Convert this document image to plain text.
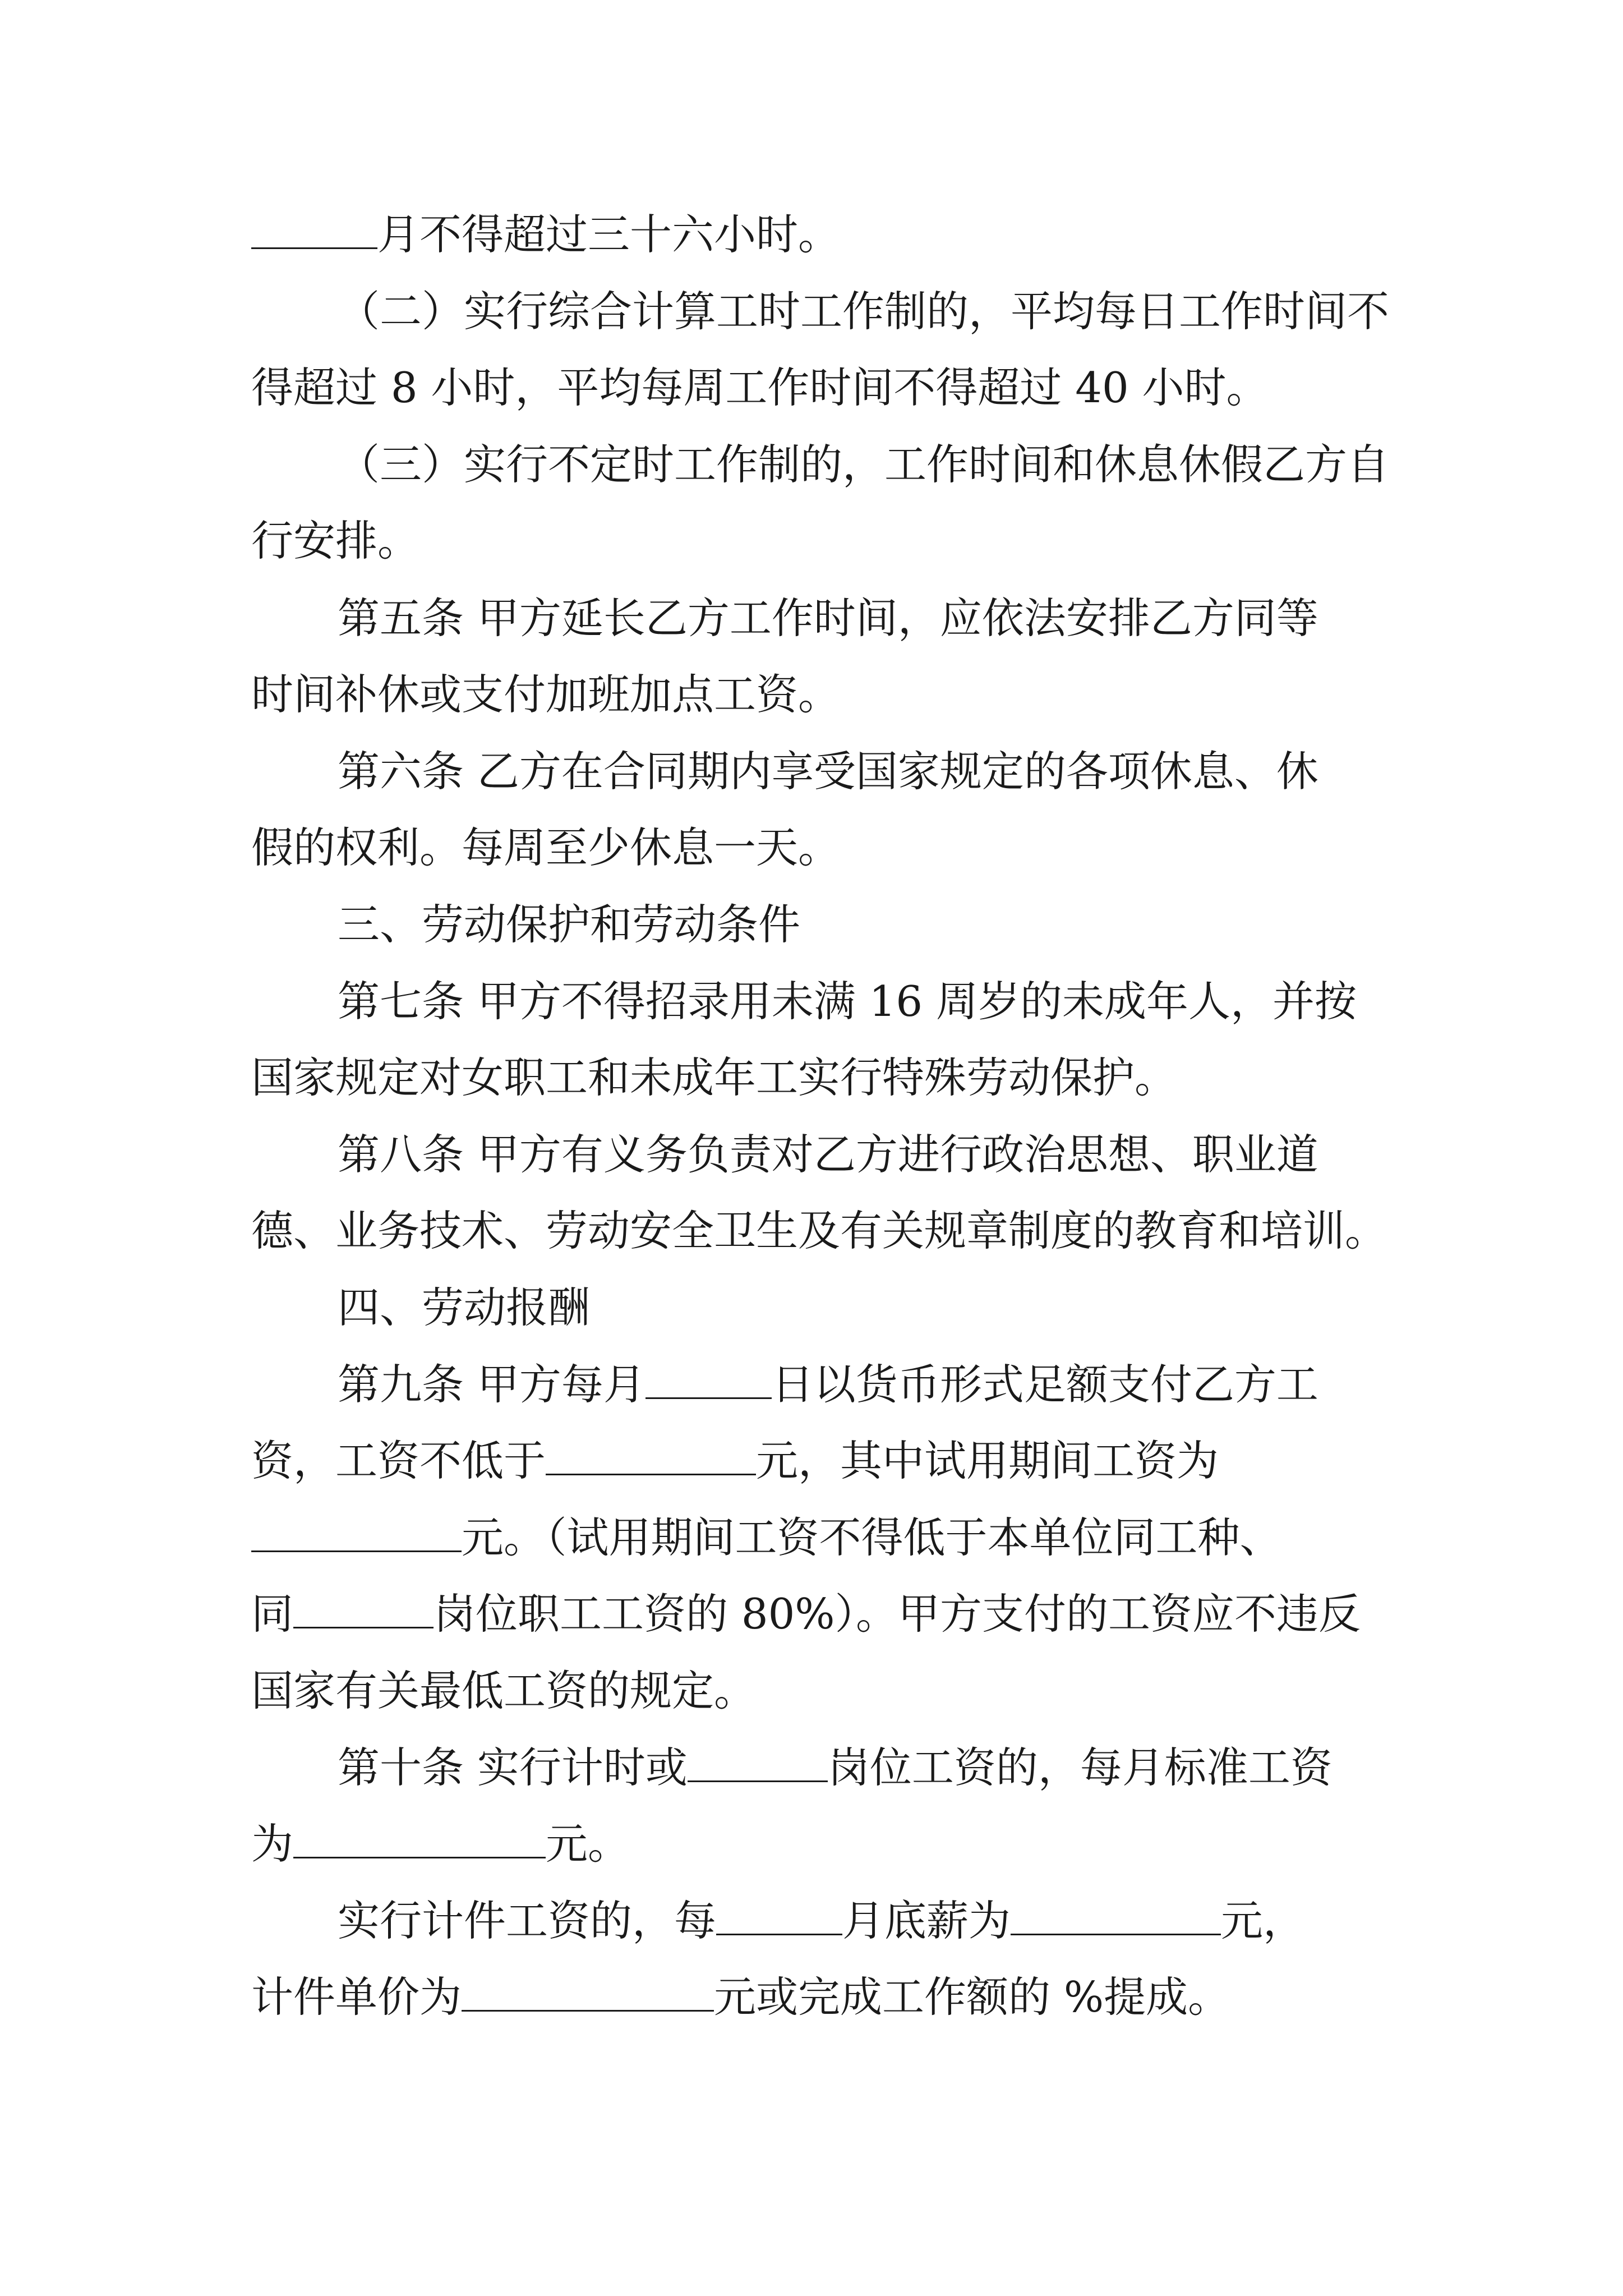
月不得超过三十六小时。
（二）实行综合计算工时工作制的，平均每日工作时间不
得超过 8 小时，平均每周工作时间不得超过 40 小时。
（三）实行不定时工作制的，工作时间和休息休假乙方自
行安排。
第五条 甲方延长乙方工作时间，应依法安排乙方同等
时间补休或支付加班加点工资。
第六条 乙方在合同期内享受国家规定的各项休息、休
假的权利。每周至少休息一天。
三、劳动保护和劳动条件
第七条 甲方不得招录用未满 16 周岁的未成年人，并按
国家规定对女职工和未成年工实行特殊劳动保护。
第八条 甲方有义务负责对乙方进行政治思想、职业道
德、业务技术、劳动安全卫生及有关规章制度的教育和培训。
四、劳动报酬
第九条 甲方每月	日以货币形式足额支付乙方工
资，工资不低于	元，其中试用期间工资为
元。（试用期间工资不得低于本单位同工种、
同	岗位职工工资的 80%）。甲方支付的工资应不违反
国家有关最低工资的规定。
第十条 实行计时或	岗位工资的，每月标准工资
为	元。
实行计件工资的，每	月底薪为	元，
计件单价为	元或完成工作额的 %提成。
